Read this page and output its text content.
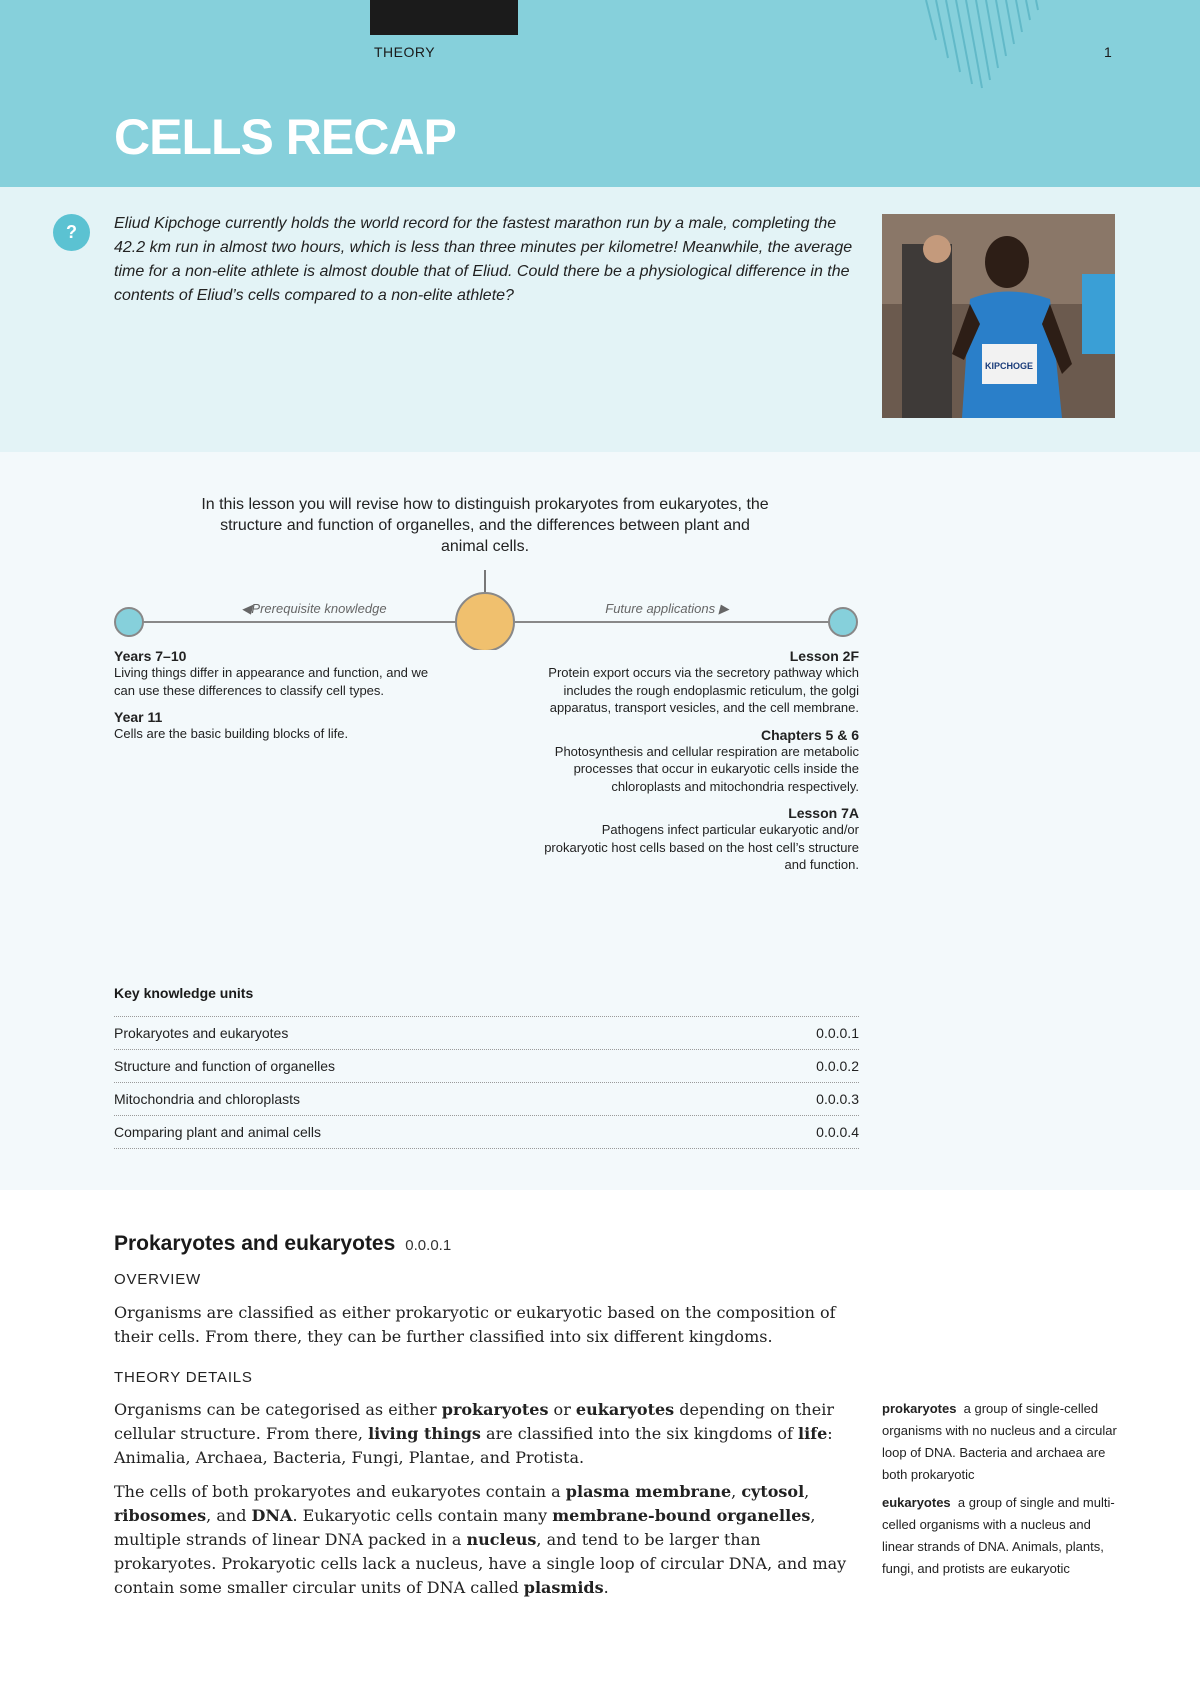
THEORY	1
CELLS RECAP
?	Eliud Kipchoge currently holds the world record for the fastest marathon run by a male, completing the 42.2 km run in almost two hours, which is less than three minutes per kilometre! Meanwhile, the average time for a non-elite athlete is almost double that of Eliud. Could there be a physiological difference in the contents of Eliud’s cells compared to a non-elite athlete?
KIPCHOGE
In this lesson you will revise how to distinguish prokaryotes from eukaryotes, the structure and function of organelles, and the differences between plant and animal cells.
◀Prerequisite knowledge	Future applications ▶
Years 7–10
Living things differ in appearance and function, and we can use these differences to classify cell types.
Year 11
Cells are the basic building blocks of life.
Lesson 2F
Protein export occurs via the secretory pathway which includes the rough endoplasmic reticulum, the golgi apparatus, transport vesicles, and the cell membrane.
Chapters 5 & 6
Photosynthesis and cellular respiration are metabolic processes that occur in eukaryotic cells inside the chloroplasts and mitochondria respectively.
Lesson 7A
Pathogens infect particular eukaryotic and/or prokaryotic host cells based on the host cell’s structure and function.
Key knowledge units
Prokaryotes and eukaryotes	0.0.0.1
Structure and function of organelles	0.0.0.2
Mitochondria and chloroplasts	0.0.0.3
Comparing plant and animal cells	0.0.0.4
Prokaryotes and eukaryotes 0.0.0.1
OVERVIEW
Organisms are classified as either prokaryotic or eukaryotic based on the composition of their cells. From there, they can be further classified into six different kingdoms.
THEORY DETAILS
Organisms can be categorised as either prokaryotes or eukaryotes depending on their cellular structure. From there, living things are classified into the six kingdoms of life: Animalia, Archaea, Bacteria, Fungi, Plantae, and Protista.
The cells of both prokaryotes and eukaryotes contain a plasma membrane, cytosol, ribosomes, and DNA. Eukaryotic cells contain many membrane-bound organelles, multiple strands of linear DNA packed in a nucleus, and tend to be larger than prokaryotes. Prokaryotic cells lack a nucleus, have a single loop of circular DNA, and may contain some smaller circular units of DNA called plasmids.
prokaryotes a group of single-celled organisms with no nucleus and a circular loop of DNA. Bacteria and archaea are both prokaryotic
eukaryotes a group of single and multi-celled organisms with a nucleus and linear strands of DNA. Animals, plants, fungi, and protists are eukaryotic
